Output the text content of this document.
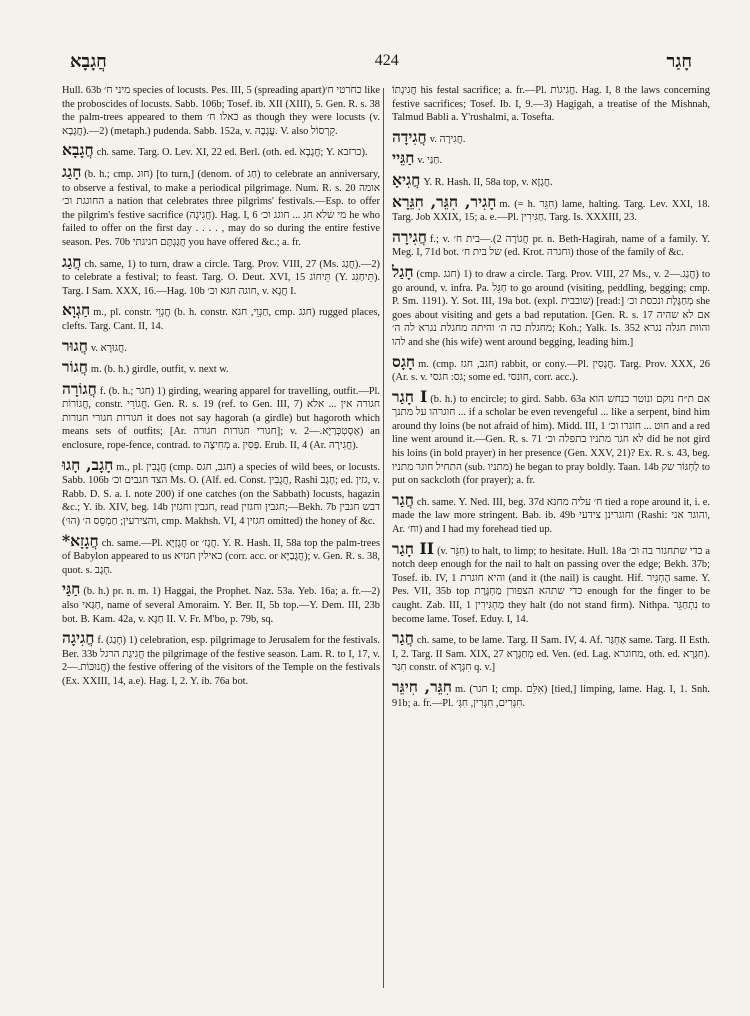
חֲגָבָא	424	חָגַר
Hull. 63b מיני ח׳ species of locusts. Pes. III, 5 (spreading apart)כחרטי ח׳ like the proboscides of locusts. Sabb. 106b; Tosef. ib. XII (XIII), 5. Gen. R. s. 38 the palm-trees appeared to them כאלו ח׳ as though they were locusts (v. חֲגָבָא).—2) (metaph.) pudenda. Sabb. 152a, v. עֲגְבָה. V. also קֵרְסוֹל.
חֲגָבָא ch. same. Targ. O. Lev. XI, 22 ed. Berl. (oth. ed. חֲגָבָא; Y. כרזבא).
חָגַג (b. h.; cmp. חוּג) [to turn,] (denom. of חַג) to celebrate an anniversary, to observe a festival, to make a periodical pilgrimage. Num. R. s. 20 אומה החוגגת וכ׳ a nation that celebrates three pilgrims' festivals.—Esp. to offer the pilgrim's festive sacrifice (חֲגִיגָה). Hag. I, 6 מי שלא חג ... חוגג וכ׳ he who failed to offer on the first day . . . . , may do so during the entire festive season. Pes. 70b חֲגַגְתֶּם חגיגתי you have offered &c.; a. fr.
חֲגַג ch. same, 1) to turn, draw a circle. Targ. Prov. VIII, 27 (Ms. חֲגַג).—2) to celebrate a festival; to feast. Targ. O. Deut. XVI, 15 תֵּיחוֹג (Y. תֵּיחַגִּג). Targ. I Sam. XXX, 16.—Hag. 10b חוגה חגא וכ׳, v. חֲגָא I.
חַגְוָא m., pl. constr. חֲגְוֵי (b. h. constr. חַגְוֵי, חגא, cmp. חגג) rugged places, clefts. Targ. Cant. II, 14.
חֲגוּר v. חֲגוּרָא.
חֲגוֹר m. (b. h.) girdle, outfit, v. next w.
חֲגוֹרָה f. (b. h.; חגר) 1) girding, wearing apparel for travelling, outfit.—Pl. חֲגוֹרוֹת, constr. חֲגוֹרֵי. Gen. R. s. 19 (ref. to Gen. III, 7) חגורה אין ... אלא חגורות חגורי חגורות it does not say hagorah (a girdle) but hagoroth which means sets of outfits; [Ar. חגורי חגורות חגורה]; v. אַסְטְכְּרַיָּא.—2) an enclosure, rope-fence, contrad. to מְחִיצָה a. פַּסִּין. Erub. II, 4 (Ar. חֲגִירָה).
חָגָב, חָגוּ m., pl. חֲגָבִין (cmp. חגב, חגס) a species of wild bees, or locusts. Sabb. 106b הצד חגבים וכ׳ Ms. O. (Alf. ed. Const. חֲגָבִין, Rashi חָגָב; ed. גזין, v. Rabb. D. S. a. l. note 200) if one catches (on the Sabbath) locusts, hagazin &c.; Y. ib. XIV, beg. 14b חגבין וחגזין, read חגבין וחגזין;—Bekh. 7b דבש חגבין והצירעין; חַמְסֵס ה׳ (הוּ׳), cmp. Makhsh. VI, 4 חגזין omitted) the honey of &c.
*חֲגָזָא ch. same.—Pl. חֲגָזַיָּא or חֲגָז׳. Y. R. Hash. II, 58a top the palm-trees of Babylon appeared to us כאילין חגזיא (corr. acc. or חֲגָבַיָּא); v. Gen. R. s. 38, quot. s. חָגָב.
חַגַּי (b. h.) pr. n. m. 1) Haggai, the Prophet. Naz. 53a. Yeb. 16a; a. fr.—2) also חַגַּאי, name of several Amoraim. Y. Ber. II, 5b top.—Y. Dem. III, 23b bot. B. Kam. 42a, v. חַגָּא II. V. Fr. M'bo, p. 79b, sq.
חֲגִיגָה f. (חָגַג) 1) celebration, esp. pilgrimage to Jerusalem for the festivals. Ber. 33b חֲגִיגַת הרגל the pilgrimage of the festive season. Lam. R. to I, 17, v. חֲנוּכּוֹת.—2) the festive offering of the visitors of the Temple on the festivals (Ex. XXIII, 14, a.e). Hag. I, 2. Y. ib. 76a bot.
חֲגִיגָתוֹ his festal sacrifice; a. fr.—Pl. חֲגִיגוֹת. Hag. I, 8 the laws concerning festive sacrifices; Tosef. Ib. I, 9.—3) Hagigah, a treatise of the Mishnah, Talmud Babli a. Y'rushalmi, a. Tosefta.
חֲגִידָה v. חֲגִירָה.
חַגֵּיי v. חַגַּי.
חֲגִיאָ Y. R. Hash. II, 58a top, v. חֲגָזָא.
חָגִיר, חִגֵּר, חִגֵּרָא m. (= h. חִגֵּר) lame, halting. Targ. Lev. XXI, 18. Targ. Job XXIX, 15; a. e.—Pl. חַגִּירִין. Targ. Is. XXXIII, 23.
חֲגִירָה f.; v. חֲגוֹרָה 2).—בית ח׳ pr. n. Beth-Hagirah, name of a family. Y. Meg. I, 71d bot. של בית ח׳ (ed. Krot. וחגרה) those of the family of &c.
חָגַל (cmp. חגג) 1) to draw a circle. Targ. Prov. VIII, 27 Ms., v. חֲגַג.—2) to go around, v. infra. Pa. חַגֵּל to go around (visiting, peddling, begging; cmp. P. Sm. 1191). Y. Sot. III, 19a bot. (expl. שובבית) [read:] מְחַגֶּלֶת ונכסת וכ׳ she goes about visiting and gets a bad reputation. [Gen. R. s. 17 אם לא שהיה מחגלת כה ה׳ והיתה מחגלת נגרא לה ה׳; Koh.; Yalk. Is. 352 והוות חגלה נגרא להו and she (his wife) went around begging, leading him.]
חָגָס m. (cmp. חגב, חגז) rabbit, or cony.—Pl. חֲגָסִין. Targ. Prov. XXX, 26 (Ar. s. v. גס: חגסי; some ed. חוּנסי, corr. acc.).
חָגַר I (b. h.) to encircle; to gird. Sabb. 63a אם ת״ח נוקם ונוטר כנחש הוא חוגרהו על מתנך ... if a scholar be even revengeful ... like a serpent, bind him around thy loins (be not afraid of him). Midd. III, 1 חוּט ... חוגרו וכ׳ and a red line went around it.—Gen. R. s. 71 לא חגר מתניו בתפלה וכ׳ did he not gird his loins (in bold prayer) in her presence (Gen. XXV, 21)? Ex. R. s. 43, beg. התחיל חוגר מתניו (sub. מתניו) he began to pray boldly. Taan. 14b לַחְגּוֹר שק to put on sackcloth (for prayer); a. fr.
חֲגַר ch. same. Y. Ned. III, beg. 37d ח׳ עליה מחנא tied a rope around it, i. e. made the law more stringent. Bab. ib. 49b וחוגרינן צידעי (Rashi: והוגר אני, Ar. וח׳) and I had my forehead tied up.
חָגַר II (v. חִגֵּר) to halt, to limp; to hesitate. Hull. 18a כדי שתחגור בה וכ׳ a notch deep enough for the nail to halt on passing over the edge; Bekh. 37b; Tosef. ib. IV, 1 והיא חוגרת (and it (the nail) is caught. Hif. הֶחְגִּיר same. Y. Pes. VII, 35b top כדי שתהא הצפורן מַחְגֶּרֶת enough for the finger to be caught. Zab. III, 1 מַחְגִּירִין they halt (do not stand firm). Nithpa. נִתְחַגֵּר to become lame. Tosef. Eduy. I, 14.
חֲגַר ch. same, to be lame. Targ. II Sam. IV, 4. Af. אַחְגַּר same. Targ. II Esth. I, 2. Targ. II Sam. XIX, 27 מְחַגְּרָא ed. Ven. (ed. Lag. מחוגרא, oth. ed. חִגְּרָא). חִגַּר constr. of חִגְּרָא q. v.]
חִגֵּר, חִיגֵּר m. (חגר I; cmp. אִלֵּם) [tied,] limping, lame. Hag. I, 1. Snh. 91b; a. fr.—Pl. חִגְּרִים, חִגְּרִין, חִגְּ׳.
